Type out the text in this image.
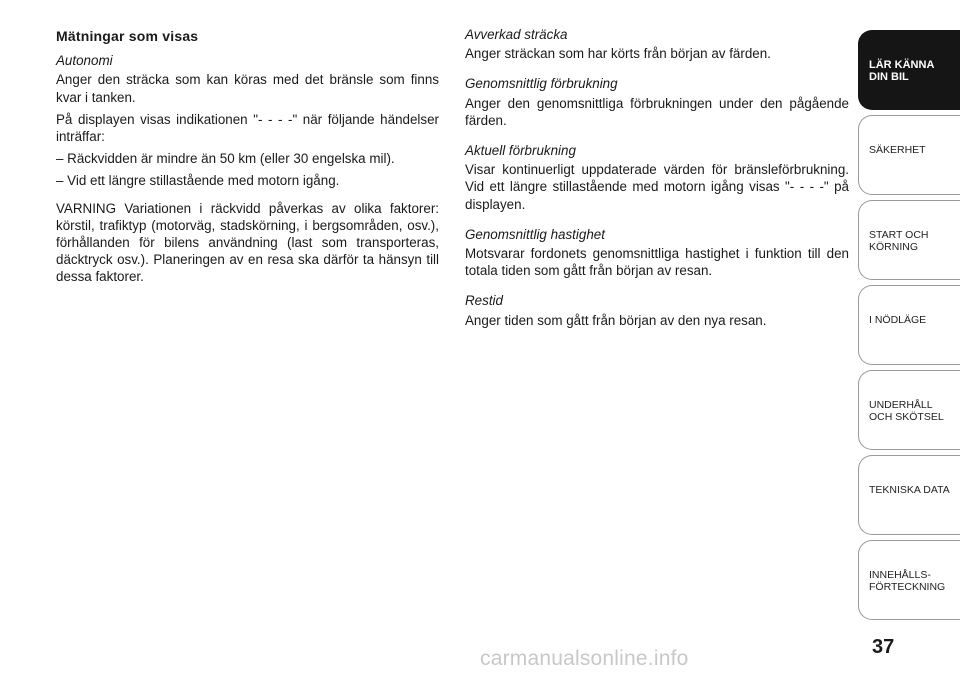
Mätningar som visas
Autonomi

Anger den sträcka som kan köras med det bränsle som finns kvar i tanken.

På displayen visas indikationen "- - - -" när följande händelser inträffar:

– Räckvidden är mindre än 50 km (eller 30 engelska mil).

– Vid ett längre stillastående med motorn igång.

VARNING Variationen i räckvidd påverkas av olika faktorer: körstil, trafiktyp (motorväg, stadskörning, i bergsområden, osv.), förhållanden för bilens användning (last som transporteras, däcktryck osv.). Planeringen av en resa ska därför ta hänsyn till dessa faktorer.

Avverkad sträcka

Anger sträckan som har körts från början av färden.

Genomsnittlig förbrukning

Anger den genomsnittliga förbrukningen under den pågående färden.

Aktuell förbrukning

Visar kontinuerligt uppdaterade värden för bränsleförbrukning. Vid ett längre stillastående med motorn igång visas "- - - -" på displayen.

Genomsnittlig hastighet

Motsvarar fordonets genomsnittliga hastighet i funktion till den totala tiden som gått från början av resan.

Restid

Anger tiden som gått från början av den nya resan.

LÄR KÄNNA
DIN BIL
SÄKERHET
START OCH
KÖRNING
I NÖDLÄGE
UNDERHÅLL
OCH SKÖTSEL
TEKNISKA DATA
INNEHÅLLS-
FÖRTECKNING
37
carmanualsonline.info
